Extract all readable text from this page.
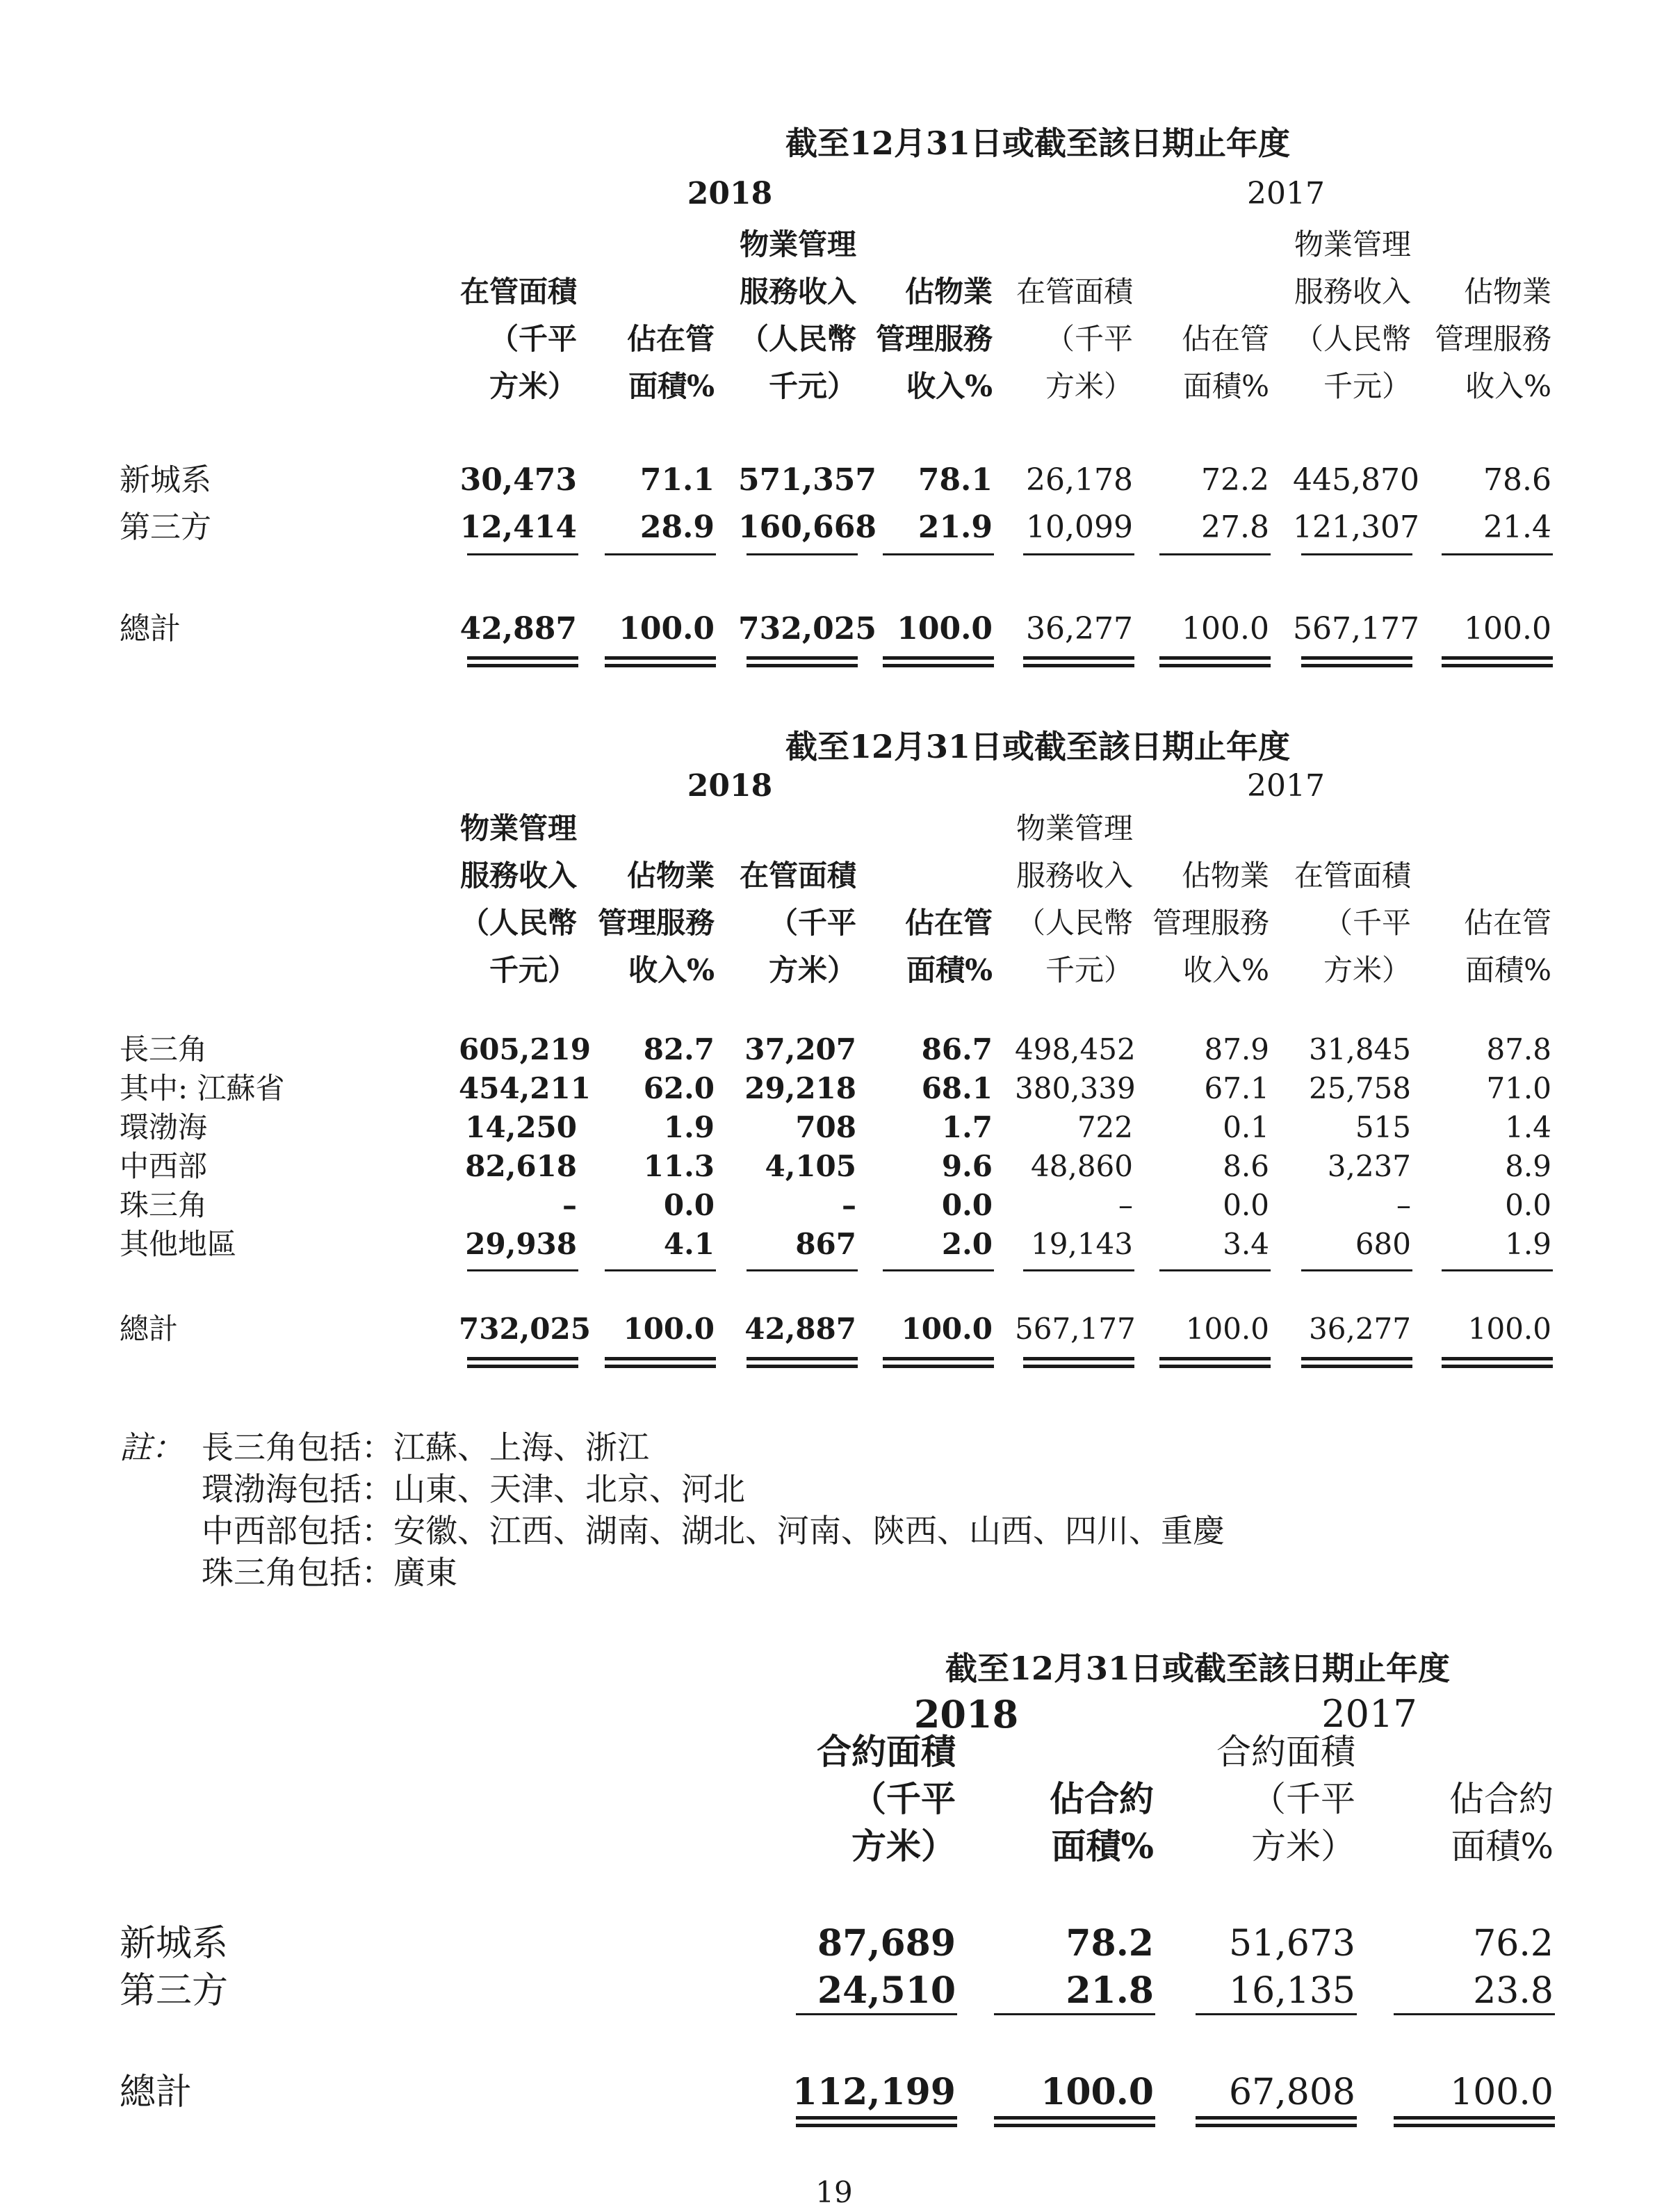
截至12月31日或截至該日期止年度
2018	2017
在管面積
（千平
方米）
佔在管
面積%
物業管理
服務收入
（人民幣
千元）
佔物業
管理服務
收入%
在管面積
（千平
方米）
佔在管
面積%
物業管理
服務收入
（人民幣
千元）
佔物業
管理服務
收入%
新城系	30,473	71.1 571,357	78.1	26,178	72.2 445,870	78.6
第三方	12,414	28.9 160,668	21.9	10,099	27.8 121,307	21.4
總計	42,887	100.0 732,025 100.0	36,277	100.0 567,177	100.0
截至12月31日或截至該日期止年度
2018	2017
物業管理
服務收入
（人民幣
千元）
佔物業
管理服務
收入%
在管面積
（千平
方米）
佔在管
面積%
物業管理
服務收入
（人民幣
千元）
佔物業
管理服務
收入%
在管面積
（千平
方米）
佔在管
面積%
長三角	605,219	82.7 37,207	86.7 498,452	87.9	31,845	87.8
其中: 江蘇省	454,211	62.0 29,218	68.1 380,339	67.1	25,758	71.0
環渤海	14,250	1.9	708	1.7	722	0.1	515	1.4
中西部	82,618	11.3	4,105	9.6	48,860	8.6	3,237	8.9
珠三角	–	0.0	–	0.0	–	0.0	–	0.0
其他地區	29,938	4.1	867	2.0	19,143	3.4	680	1.9
總計	732,025	100.0 42,887	100.0 567,177	100.0	36,277	100.0
註： 長三角包括：江蘇、上海、浙江
環渤海包括：山東、天津、北京、河北
中西部包括：安徽、江西、湖南、湖北、河南、陝西、山西、四川、重慶
珠三角包括：廣東
截至12月31日或截至該日期止年度
2018	2017
合約面積
（千平
方米）
佔合約
面積%
合約面積
（千平
方米）
佔合約
面積%
新城系	87,689	78.2	51,673	76.2
第三方	24,510	21.8	16,135	23.8
總計	112,199	100.0	67,808	100.0
19
